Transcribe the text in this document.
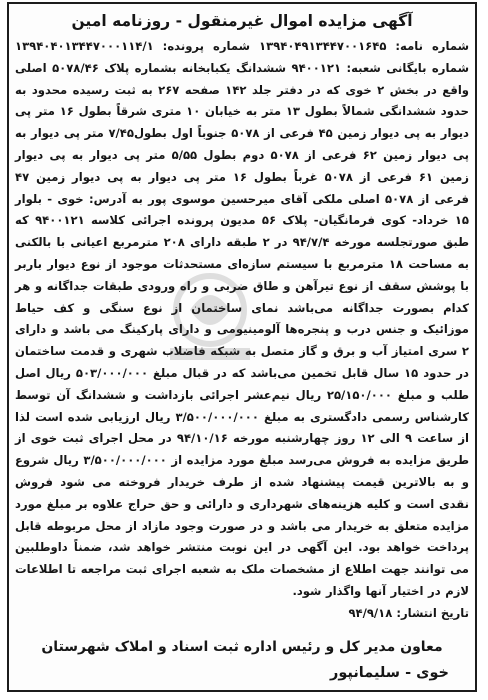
آگهی مزایده اموال غیرمنقول - روزنامه امین

شماره نامه: ۱۳۹۴۰۴۹۱۳۴۴۷۰۰۱۶۴۵ شماره پرونده: ۱۳۹۴۰۴۰۱۳۴۴۷۰۰۰۱۱۴/۱ شماره بایگانی شعبه: ۹۴۰۰۱۲۱ ششدانگ یکبابخانه بشماره پلاک ۵۰۷۸/۴۶ اصلی واقع در بخش ۲ خوی که در دفتر جلد ۱۴۲ صفحه ۲۶۷ به ثبت رسیده محدود به حدود ششدانگی شمالاً بطول ۱۳ متر به خیابان ۱۰ متری شرقاً بطول ۱۶ متر پی دیوار به پی دیوار زمین ۴۵ فرعی از ۵۰۷۸ جنوباً اول بطول۷/۴۵ متر پی دیوار به پی دیوار زمین ۶۲ فرعی از ۵۰۷۸ دوم بطول ۵/۵۵ متر پی دیوار به پی دیوار زمین ۶۱ فرعی از ۵۰۷۸ غرباً بطول ۱۶ متر پی دیوار به پی دیوار زمین ۴۷ فرعی از ۵۰۷۸ اصلی ملکی آقای میرحسین موسوی پور به آدرس: خوی - بلوار ۱۵ خرداد- کوی فرمانگیان- پلاک ۵۶ مدیون پرونده اجرائی کلاسه ۹۴۰۰۱۲۱ که طبق صورتجلسه مورخه ۹۴/۷/۴ در ۲ طبقه دارای ۲۰۸ مترمربع اعیانی با بالکنی به مساحت ۱۸ مترمربع با سیستم سازه‌ای مستحدثات موجود از نوع دیوار باربر با پوشش سقف از نوع تیرآهن و طاق ضربی و راه ورودی طبقات جداگانه و هر کدام بصورت جداگانه می‌باشد نمای ساختمان از نوع سنگی و کف حیاط موزائیک و جنس درب و پنجره‌ها آلومینیومی و دارای پارکینگ می باشد و دارای ۲ سری امتیاز آب و برق و گاز متصل به شبکه فاضلاب شهری و قدمت ساختمان در حدود ۱۵ سال قابل تخمین می‌باشد که در قبال مبلغ ۵۰۳/۰۰۰/۰۰۰ ریال اصل طلب و مبلغ ۲۵/۱۵۰/۰۰۰ ریال نیم‌عشر اجرائی بازداشت و ششدانگ آن توسط کارشناس رسمی دادگستری به مبلغ ۳/۵۰۰/۰۰۰/۰۰۰ ریال ارزیابی شده است لذا از ساعت ۹ الی ۱۲ روز چهارشنبه مورخه ۹۴/۱۰/۱۶ در محل اجرای ثبت خوی از طریق مزایده به فروش می‌رسد مبلغ مورد مزایده از ۳/۵۰۰/۰۰۰/۰۰۰ ریال شروع و به بالاترین قیمت پیشنهاد شده از طرف خریدار فروخته می شود فروش نقدی است و کلیه هزینه‌های شهرداری و دارائی و حق حراج علاوه بر مبلغ مورد مزایده متعلق به خریدار می باشد و در صورت وجود مازاد از محل مربوطه قابل پرداخت خواهد بود. این آگهی در این نوبت منتشر خواهد شد، ضمناً داوطلبین می توانند جهت اطلاع از مشخصات ملک به شعبه اجرای ثبت مراجعه تا اطلاعات لازم در اختیار آنها واگذار شود.

تاریخ انتشار: ۹۴/۹/۱۸

معاون مدیر کل و رئیس اداره ثبت اسناد و املاک شهرستان
خوی - سلیمانپور
